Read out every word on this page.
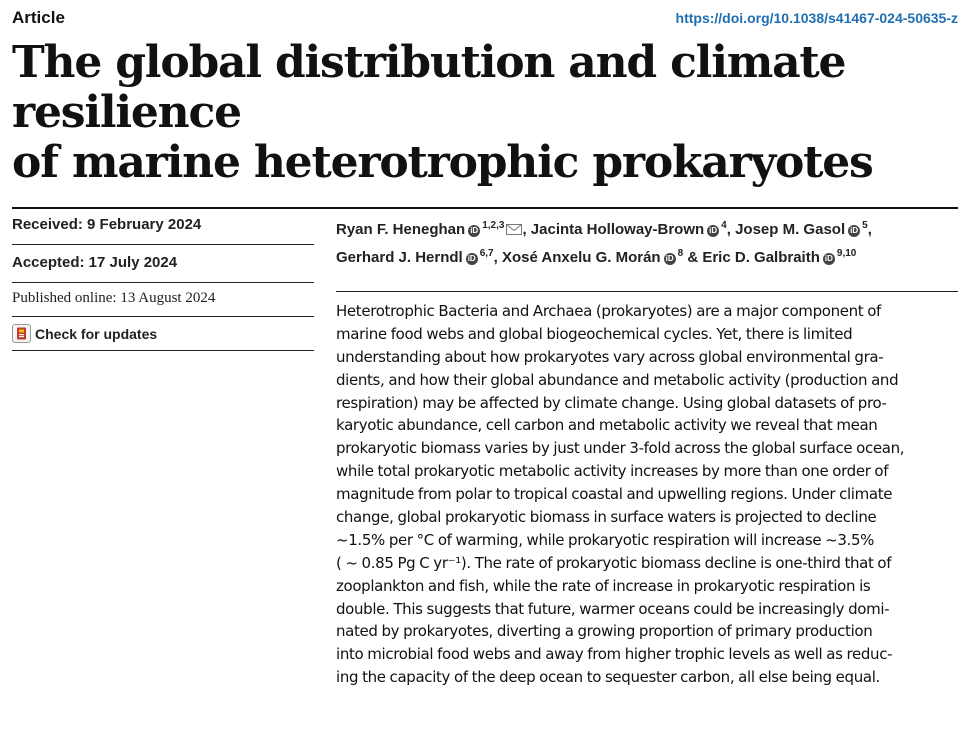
Article	https://doi.org/10.1038/s41467-024-50635-z
The global distribution and climate resilience
of marine heterotrophic prokaryotes
Received: 9 February 2024
Accepted: 17 July 2024
Published online: 13 August 2024
Check for updates
Ryan F. Heneghan iD $^{1,2,3}$ , Jacinta Holloway-Brown iD $^4$, Josep M. Gasol iD $^5$,
Gerhard J. Herndl iD $^{6,7}$, Xosé Anxelu G. Morán iD $^8$ & Eric D. Galbraith iD $^{9,10}$
Heterotrophic Bacteria and Archaea (prokaryotes) are a major component of
marine food webs and global biogeochemical cycles. Yet, there is limited
understanding about how prokaryotes vary across global environmental gra-
dients, and how their global abundance and metabolic activity (production and
respiration) may be affected by climate change. Using global datasets of pro-
karyotic abundance, cell carbon and metabolic activity we reveal that mean
prokaryotic biomass varies by just under 3-fold across the global surface ocean,
while total prokaryotic metabolic activity increases by more than one order of
magnitude from polar to tropical coastal and upwelling regions. Under climate
change, global prokaryotic biomass in surface waters is projected to decline
~1.5% per °C of warming, while prokaryotic respiration will increase ~3.5%
( ~ 0.85 Pg C yr⁻¹). The rate of prokaryotic biomass decline is one-third that of
zooplankton and fish, while the rate of increase in prokaryotic respiration is
double. This suggests that future, warmer oceans could be increasingly domi-
nated by prokaryotes, diverting a growing proportion of primary production
into microbial food webs and away from higher trophic levels as well as reduc-
ing the capacity of the deep ocean to sequester carbon, all else being equal.
